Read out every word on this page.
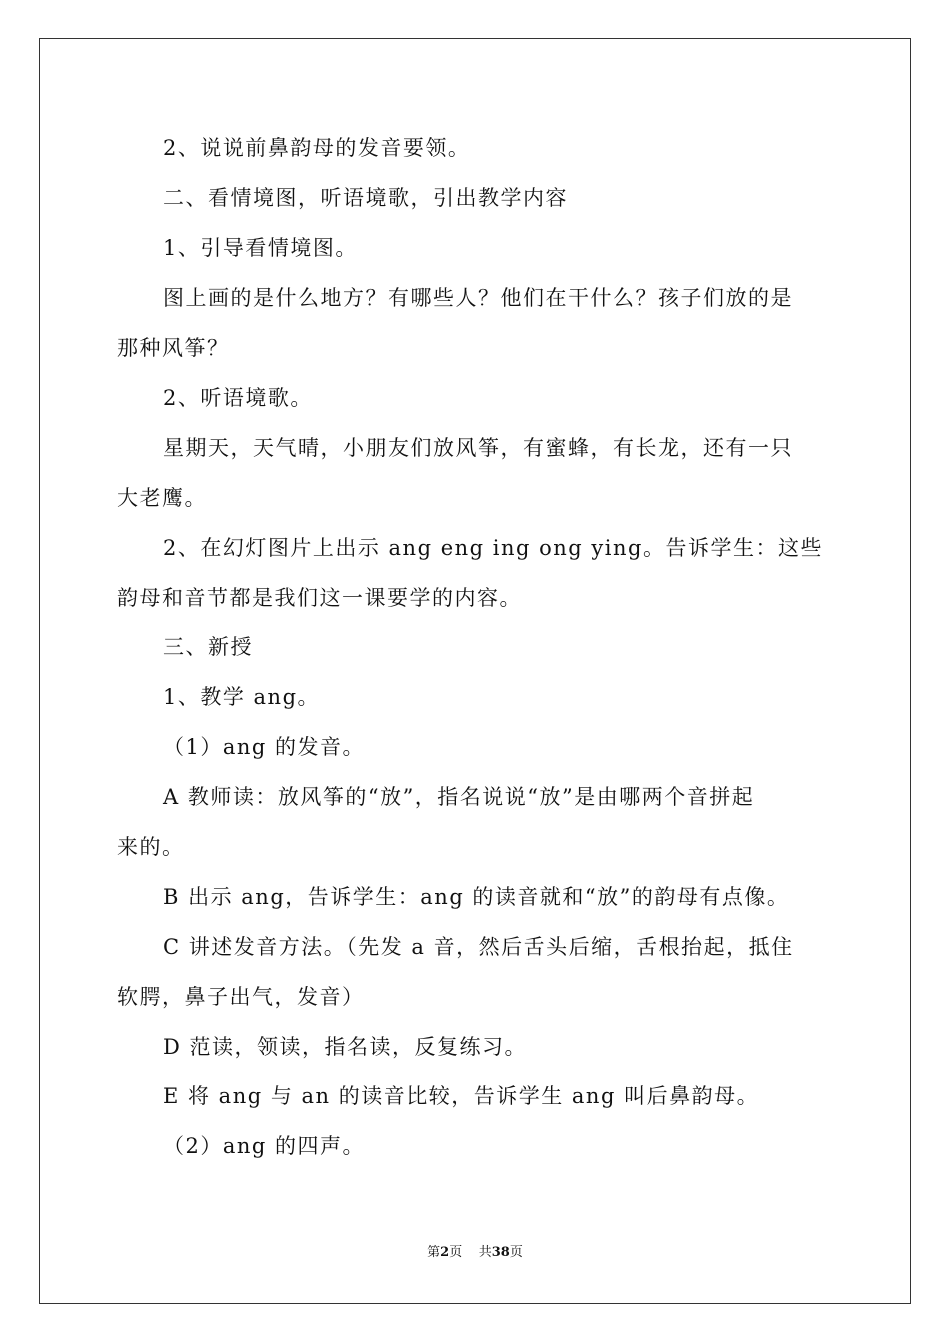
2、说说前鼻韵母的发音要领。
二、看情境图，听语境歌，引出教学内容
1、引导看情境图。
图上画的是什么地方？有哪些人？他们在干什么？孩子们放的是
那种风筝？
2、听语境歌。
星期天，天气晴，小朋友们放风筝，有蜜蜂，有长龙，还有一只
大老鹰。
2、在幻灯图片上出示 ang eng ing ong ying。告诉学生：这些
韵母和音节都是我们这一课要学的内容。
三、新授
1、教学 ang。
（1）ang 的发音。
A 教师读：放风筝的“放”，指名说说“放”是由哪两个音拼起
来的。
B 出示 ang，告诉学生：ang 的读音就和“放”的韵母有点像。
C 讲述发音方法。（先发 a 音，然后舌头后缩，舌根抬起，抵住
软腭，鼻子出气，发音）
D 范读，领读，指名读，反复练习。
E 将 ang 与 an 的读音比较，告诉学生 ang 叫后鼻韵母。
（2）ang 的四声。
第2页 共38页
